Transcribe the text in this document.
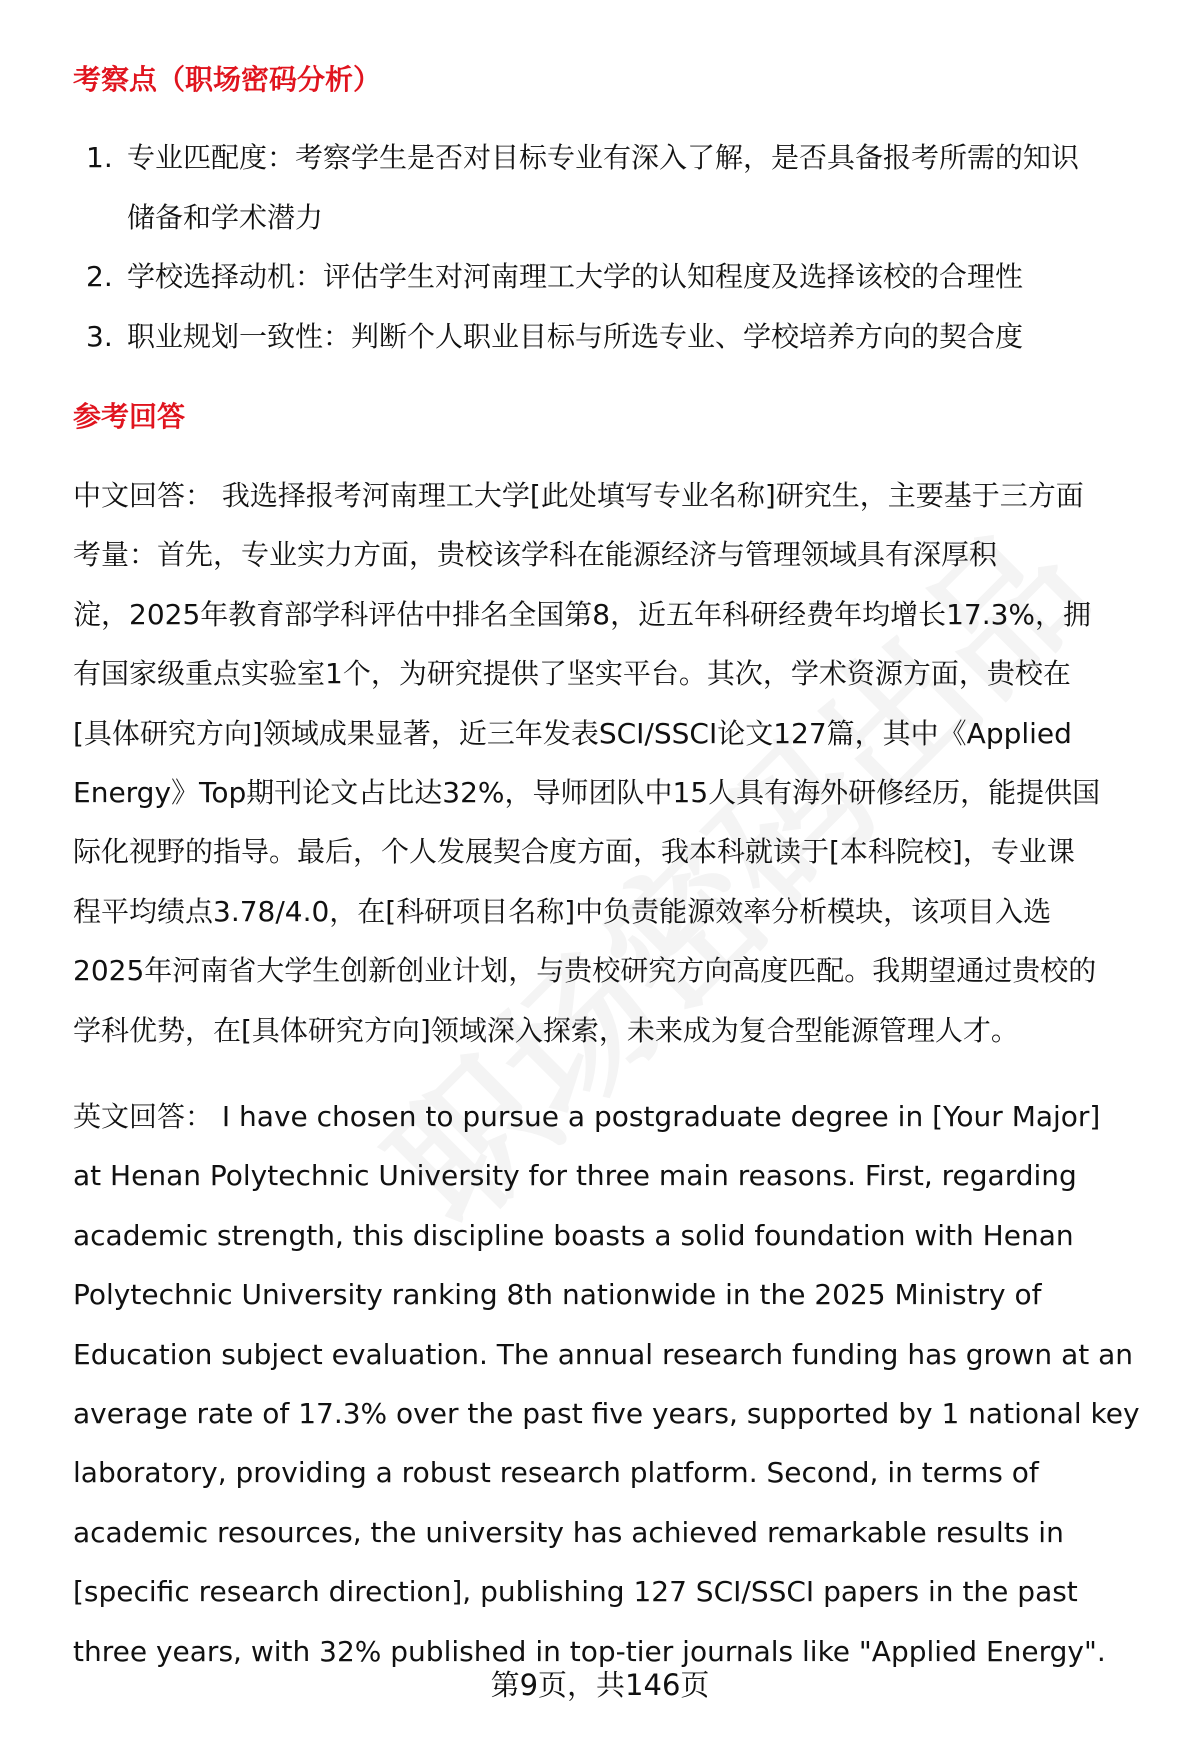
考察点（职场密码分析）
1. 专业匹配度：考察学生是否对目标专业有深入了解，是否具备报考所需的知识
储备和学术潜力
2. 学校选择动机：评估学生对河南理工大学的认知程度及选择该校的合理性
3. 职业规划一致性：判断个人职业目标与所选专业、学校培养方向的契合度
参考回答
中文回答： 我选择报考河南理工大学[此处填写专业名称]研究生，主要基于三方面
考量：首先，专业实力方面，贵校该学科在能源经济与管理领域具有深厚积
淀，2025年教育部学科评估中排名全国第8，近五年科研经费年均增长17.3%，拥
有国家级重点实验室1个，为研究提供了坚实平台。其次，学术资源方面，贵校在
[具体研究方向]领域成果显著，近三年发表SCI/SSCI论文127篇，其中《Applied
Energy》Top期刊论文占比达32%，导师团队中15人具有海外研修经历，能提供国
际化视野的指导。最后，个人发展契合度方面，我本科就读于[本科院校]，专业课
程平均绩点3.78/4.0，在[科研项目名称]中负责能源效率分析模块，该项目入选
2025年河南省大学生创新创业计划，与贵校研究方向高度匹配。我期望通过贵校的
学科优势，在[具体研究方向]领域深入探索，未来成为复合型能源管理人才。
英文回答： I have chosen to pursue a postgraduate degree in [Your Major]
at Henan Polytechnic University for three main reasons. First, regarding
academic strength, this discipline boasts a solid foundation with Henan
Polytechnic University ranking 8th nationwide in the 2025 Ministry of
Education subject evaluation. The annual research funding has grown at an
average rate of 17.3% over the past five years, supported by 1 national key
laboratory, providing a robust research platform. Second, in terms of
academic resources, the university has achieved remarkable results in
[specific research direction], publishing 127 SCI/SSCI papers in the past
three years, with 32% published in top-tier journals like "Applied Energy".
第9页，共146页
